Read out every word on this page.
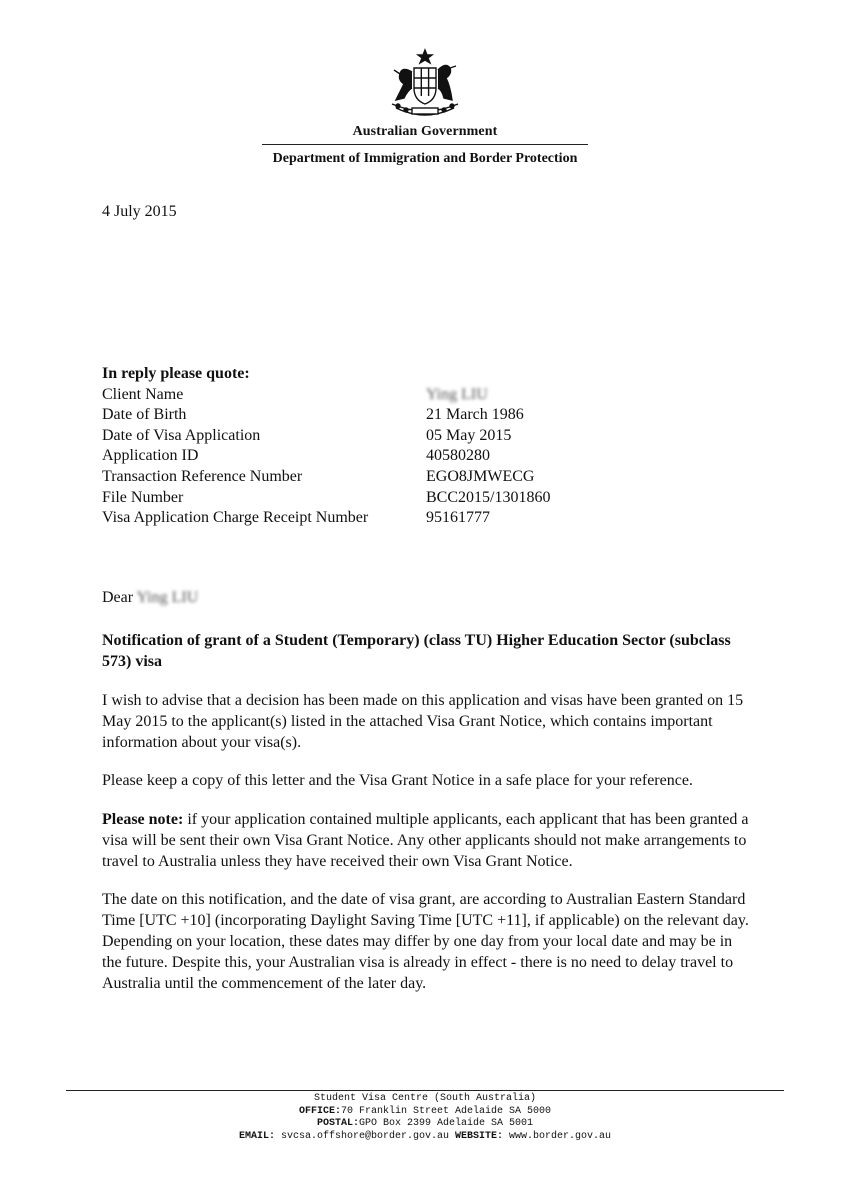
Australian Government
Department of Immigration and Border Protection
4 July 2015
In reply please quote:
Client Name	Ying LIU
Date of Birth	21 March 1986
Date of Visa Application	05 May 2015
Application ID	40580280
Transaction Reference Number	EGO8JMWECG
File Number	BCC2015/1301860
Visa Application Charge Receipt Number	95161777
Dear Ying LIU
Notification of grant of a Student (Temporary) (class TU) Higher Education Sector (subclass 573) visa
I wish to advise that a decision has been made on this application and visas have been granted on 15 May 2015 to the applicant(s) listed in the attached Visa Grant Notice, which contains important information about your visa(s).
Please keep a copy of this letter and the Visa Grant Notice in a safe place for your reference.
Please note: if your application contained multiple applicants, each applicant that has been granted a visa will be sent their own Visa Grant Notice. Any other applicants should not make arrangements to travel to Australia unless they have received their own Visa Grant Notice.
The date on this notification, and the date of visa grant, are according to Australian Eastern Standard Time [UTC +10] (incorporating Daylight Saving Time [UTC +11], if applicable) on the relevant day. Depending on your location, these dates may differ by one day from your local date and may be in the future. Despite this, your Australian visa is already in effect - there is no need to delay travel to Australia until the commencement of the later day.
Student Visa Centre (South Australia)
OFFICE:70 Franklin Street Adelaide SA 5000
POSTAL:GPO Box 2399 Adelaide SA 5001
EMAIL: svcsa.offshore@border.gov.au WEBSITE: www.border.gov.au
